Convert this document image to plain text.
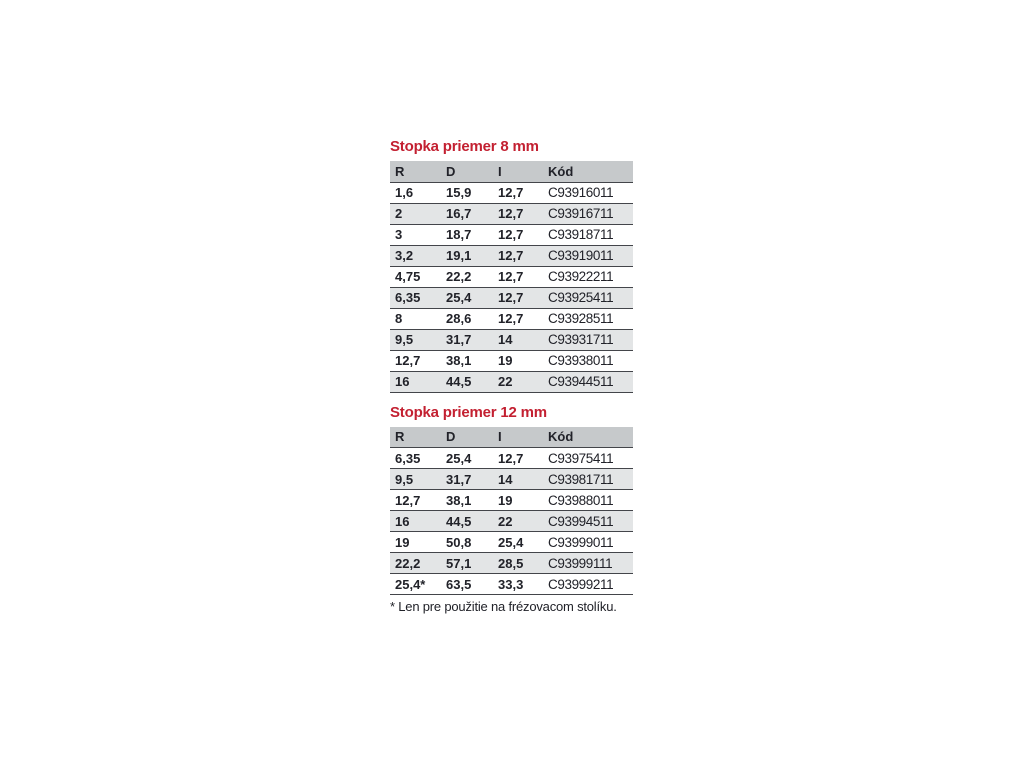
Stopka priemer 8 mm
R	D	I	Kód
1,6	15,9	12,7	C93916011
2	16,7	12,7	C93916711
3	18,7	12,7	C93918711
3,2	19,1	12,7	C93919011
4,75	22,2	12,7	C93922211
6,35	25,4	12,7	C93925411
8	28,6	12,7	C93928511
9,5	31,7	14	C93931711
12,7	38,1	19	C93938011
16	44,5	22	C93944511
Stopka priemer 12 mm
R	D	I	Kód
6,35	25,4	12,7	C93975411
9,5	31,7	14	C93981711
12,7	38,1	19	C93988011
16	44,5	22	C93994511
19	50,8	25,4	C93999011
22,2	57,1	28,5	C93999111
25,4*	63,5	33,3	C93999211
* Len pre použitie na frézovacom stolíku.
